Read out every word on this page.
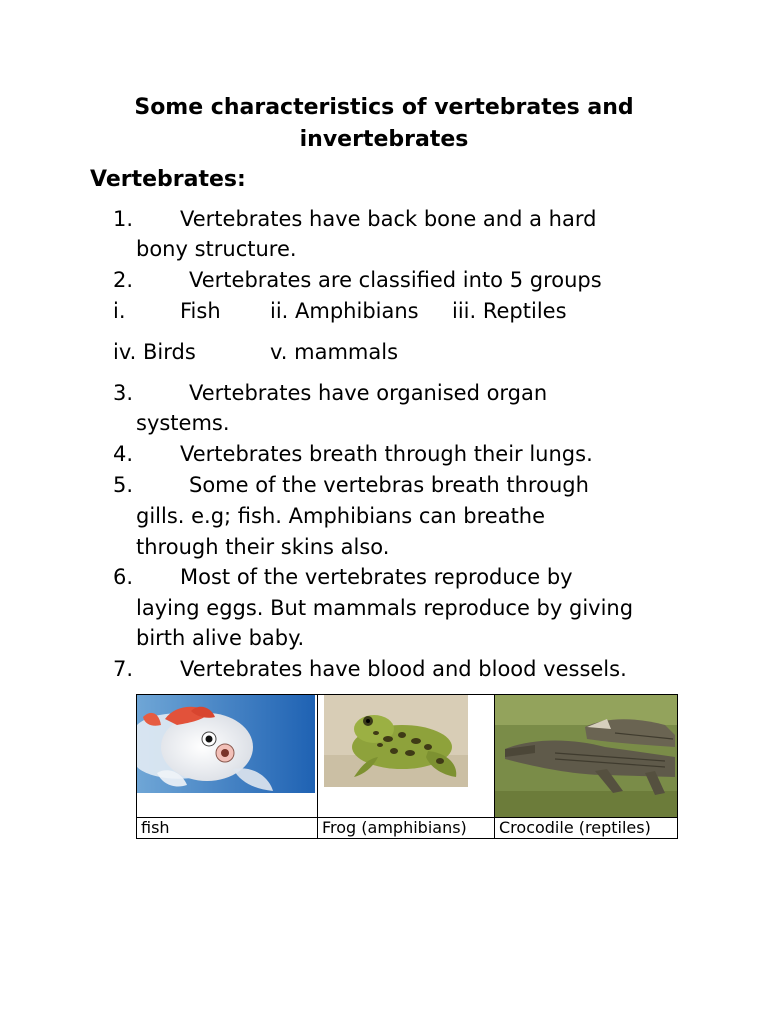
Some characteristics of vertebrates and
invertebrates
Vertebrates:
1. Vertebrates have back bone and a hard
bony structure.
2.	Vertebrates are classified into 5 groups
i.	Fish ii. Amphibians iii. Reptiles
iv. Birds	v. mammals
3.	Vertebrates have organised organ
systems.
4. Vertebrates breath through their lungs.
5.	Some of the vertebras breath through
gills. e.g; fish. Amphibians can breathe
through their skins also.
6. Most of the vertebrates reproduce by
laying eggs. But mammals reproduce by giving
birth alive baby.
7. Vertebrates have blood and blood vessels.

fish	Frog (amphibians)	Crocodile (reptiles)
